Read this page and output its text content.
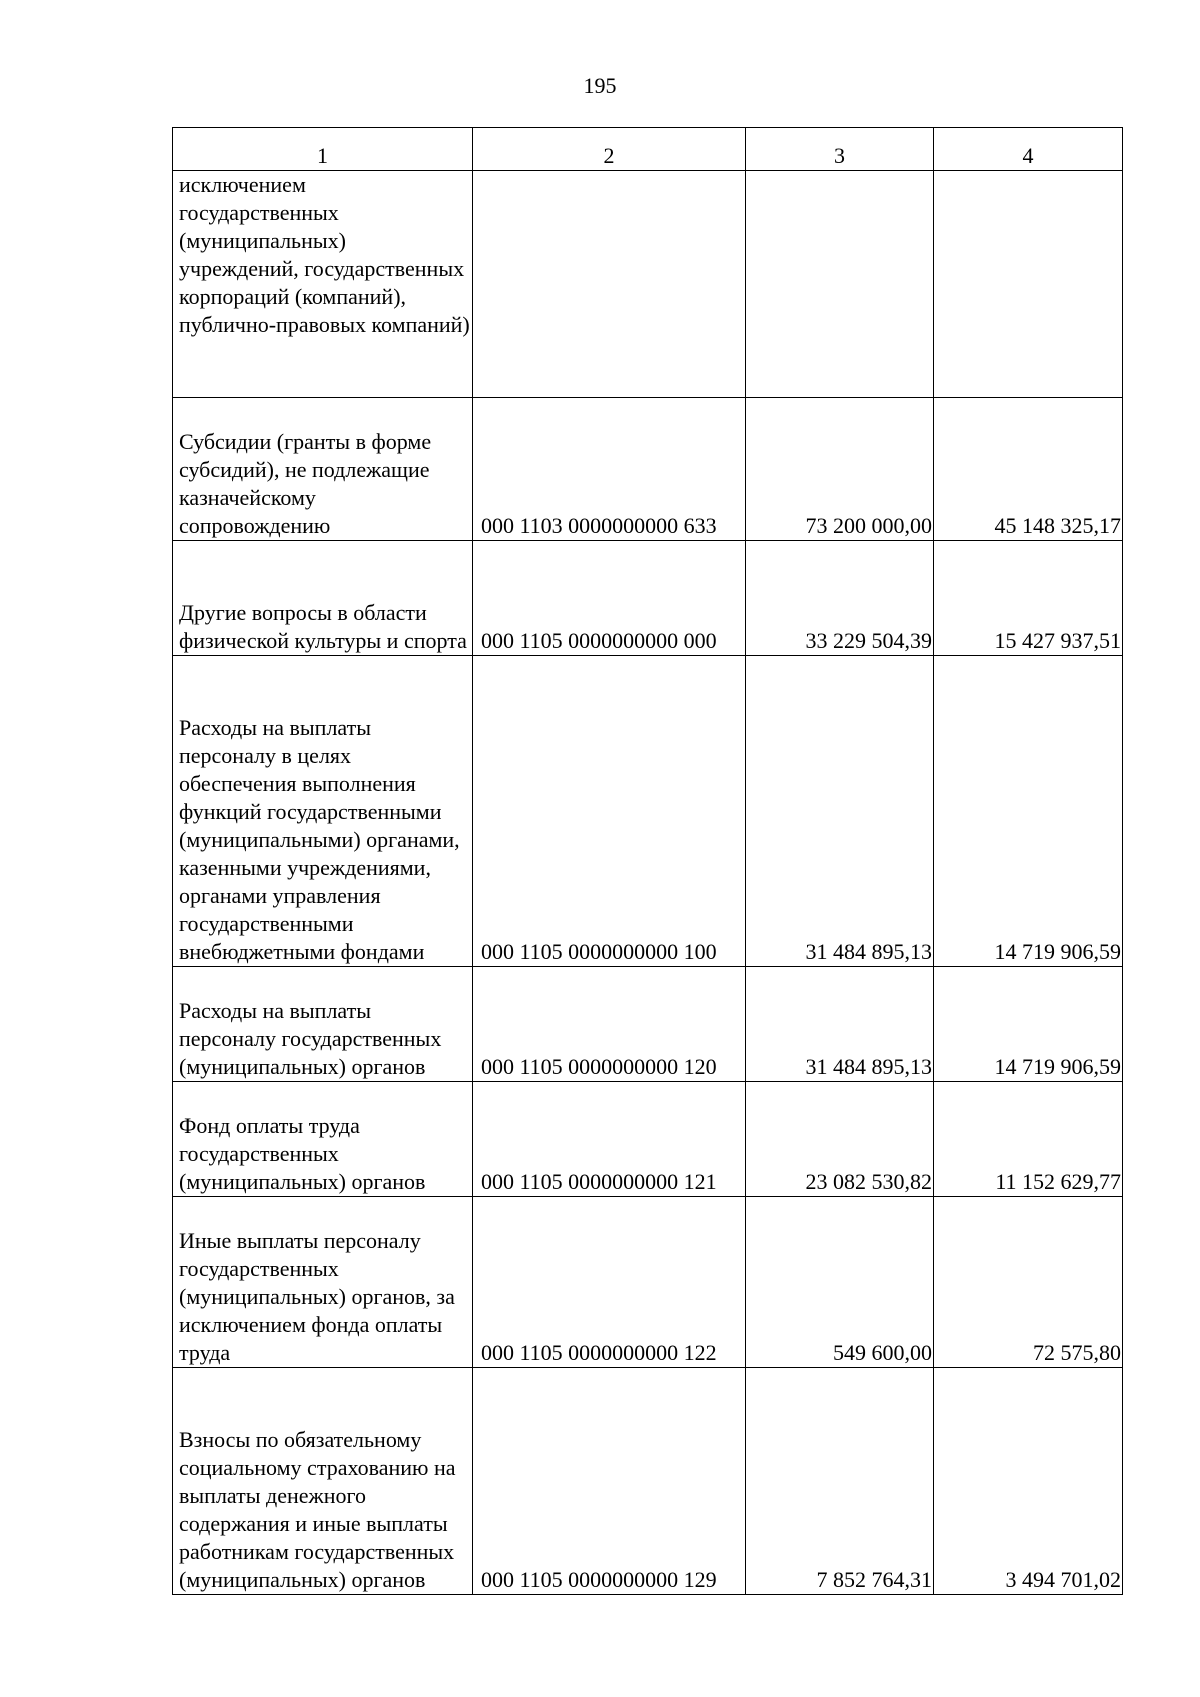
195
1	2	3	4
исключением государственных (муниципальных) учреждений, государственных корпораций (компаний), публично-правовых компаний)			
Субсидии (гранты в форме субсидий), не подлежащие казначейскому сопровождению	000 1103 0000000000 633	73 200 000,00	45 148 325,17
Другие вопросы в области физической культуры и спорта	000 1105 0000000000 000	33 229 504,39	15 427 937,51
Расходы на выплаты персоналу в целях обеспечения выполнения функций государственными (муниципальными) органами, казенными учреждениями, органами управления государственными внебюджетными фондами	000 1105 0000000000 100	31 484 895,13	14 719 906,59
Расходы на выплаты персоналу государственных (муниципальных) органов	000 1105 0000000000 120	31 484 895,13	14 719 906,59
Фонд оплаты труда государственных (муниципальных) органов	000 1105 0000000000 121	23 082 530,82	11 152 629,77
Иные выплаты персоналу государственных (муниципальных) органов, за исключением фонда оплаты труда	000 1105 0000000000 122	549 600,00	72 575,80
Взносы по обязательному социальному страхованию на выплаты денежного содержания и иные выплаты работникам государственных (муниципальных) органов	000 1105 0000000000 129	7 852 764,31	3 494 701,02
